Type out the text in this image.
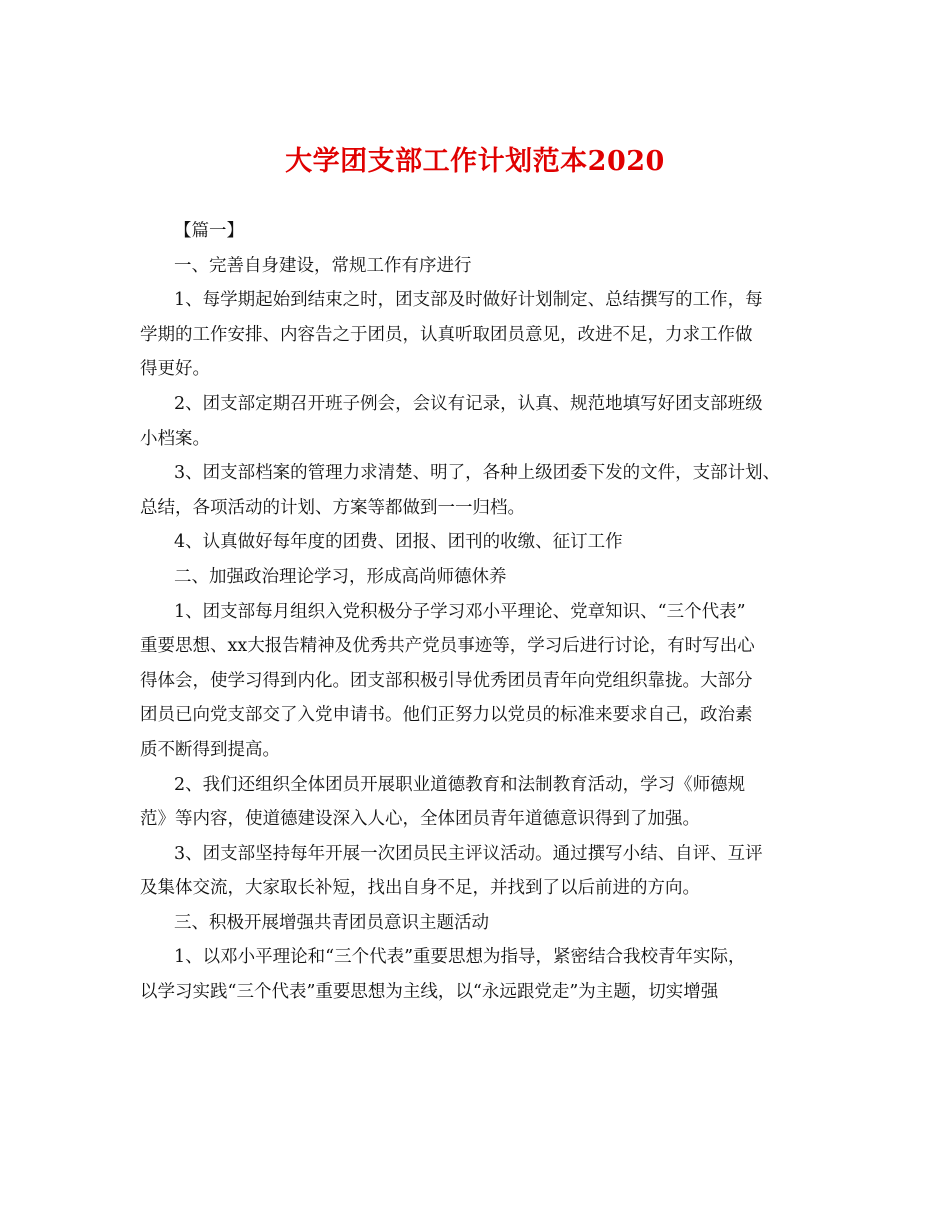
大学团支部工作计划范本2020
【篇一】
一、完善自身建设，常规工作有序进行
1、每学期起始到结束之时，团支部及时做好计划制定、总结撰写的工作，每
学期的工作安排、内容告之于团员，认真听取团员意见，改进不足，力求工作做
得更好。
2、团支部定期召开班子例会，会议有记录，认真、规范地填写好团支部班级
小档案。
3、团支部档案的管理力求清楚、明了，各种上级团委下发的文件，支部计划、
总结，各项活动的计划、方案等都做到一一归档。
4、认真做好每年度的团费、团报、团刊的收缴、征订工作
二、加强政治理论学习，形成高尚师德休养
1、团支部每月组织入党积极分子学习邓小平理论、党章知识、“三个代表”
重要思想、xx大报告精神及优秀共产党员事迹等，学习后进行讨论，有时写出心
得体会，使学习得到内化。团支部积极引导优秀团员青年向党组织靠拢。大部分
团员已向党支部交了入党申请书。他们正努力以党员的标准来要求自己，政治素
质不断得到提高。
2、我们还组织全体团员开展职业道德教育和法制教育活动，学习《师德规
范》等内容，使道德建设深入人心，全体团员青年道德意识得到了加强。
3、团支部坚持每年开展一次团员民主评议活动。通过撰写小结、自评、互评
及集体交流，大家取长补短，找出自身不足，并找到了以后前进的方向。
三、积极开展增强共青团员意识主题活动
1、以邓小平理论和“三个代表”重要思想为指导，紧密结合我校青年实际，
以学习实践“三个代表”重要思想为主线，以“永远跟党走”为主题，切实增强
